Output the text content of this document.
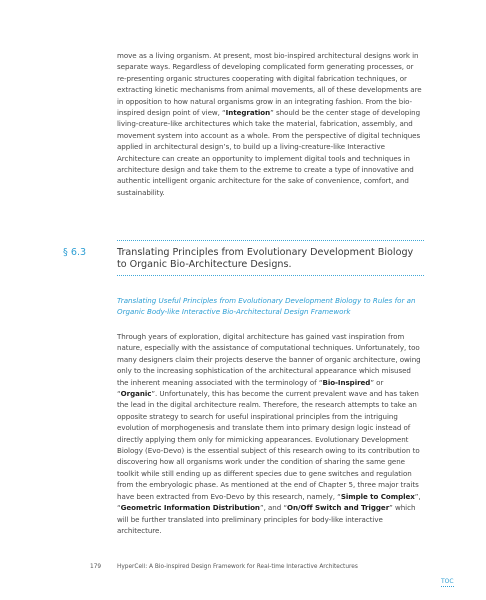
move as a living organism. At present, most bio-inspired architectural designs work in separate ways. Regardless of developing complicated form generating processes, or re-presenting organic structures cooperating with digital fabrication techniques, or extracting kinetic mechanisms from animal movements, all of these developments are in opposition to how natural organisms grow in an integrating fashion. From the bio-inspired design point of view, “Integration” should be the center stage of developing living-creature-like architectures which take the material, fabrication, assembly, and movement system into account as a whole. From the perspective of digital techniques applied in architectural design’s, to build up a living-creature-like Interactive Architecture can create an opportunity to implement digital tools and techniques in architecture design and take them to the extreme to create a type of innovative and authentic intelligent organic architecture for the sake of convenience, comfort, and sustainability.
§ 6.3	Translating Principles from Evolutionary Development Biology to Organic Bio-Architecture Designs.
Translating Useful Principles from Evolutionary Development Biology to Rules for an Organic Body-like Interactive Bio-Architectural Design Framework
Through years of exploration, digital architecture has gained vast inspiration from nature, especially with the assistance of computational techniques. Unfortunately, too many designers claim their projects deserve the banner of organic architecture, owing only to the increasing sophistication of the architectural appearance which misused the inherent meaning associated with the terminology of “Bio-Inspired” or “Organic”. Unfortunately, this has become the current prevalent wave and has taken the lead in the digital architecture realm. Therefore, the research attempts to take an opposite strategy to search for useful inspirational principles from the intriguing evolution of morphogenesis and translate them into primary design logic instead of directly applying them only for mimicking appearances. Evolutionary Development Biology (Evo-Devo) is the essential subject of this research owing to its contribution to discovering how all organisms work under the condition of sharing the same gene toolkit while still ending up as different species due to gene switches and regulation from the embryologic phase. As mentioned at the end of Chapter 5, three major traits have been extracted from Evo-Devo by this research, namely, “Simple to Complex”, “Geometric Information Distribution”, and “On/Off Switch and Trigger” which will be further translated into preliminary principles for body-like interactive architecture.
179	HyperCell: A Bio-inspired Design Framework for Real-time Interactive Architectures
TOC
